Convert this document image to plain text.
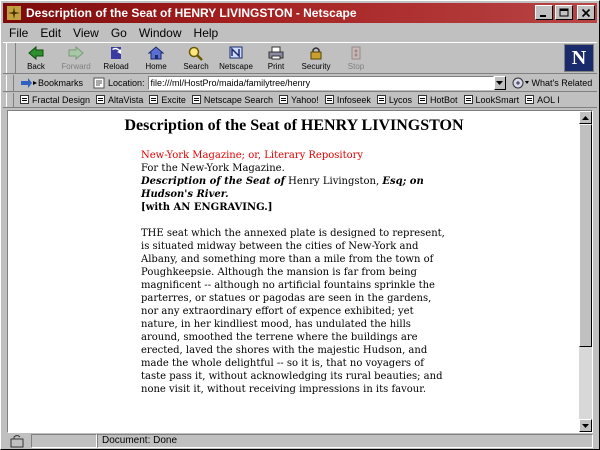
Description of the Seat of HENRY LIVINGSTON - Netscape
File	Edit	View	Go	Window	Help
Back Forward Reload Home Search Netscape Print Security Stop	N
Bookmarks	Location: file:///ml/HostPro/maida/familytree/henry	What's Related
Fractal Design AltaVista Excite Netscape Search Yahoo! Infoseek Lycos HotBot LookSmart AOL I
Description of the Seat of HENRY LIVINGSTON

New-York Magazine; or, Literary Repository

For the New-York Magazine.

Description of the Seat of Henry Livingston, Esq; on Hudson's River.

[with AN ENGRAVING.]

THE seat which the annexed plate is designed to represent, is situated midway between the cities of New-York and Albany, and something more than a mile from the town of Poughkeepsie. Although the mansion is far from being magnificent -- although no artificial fountains sprinkle the parterres, or statues or pagodas are seen in the gardens, nor any extraordinary effort of expence exhibited; yet nature, in her kindliest mood, has undulated the hills around, smoothed the terrene where the buildings are erected, laved the shores with the majestic Hudson, and made the whole delightful -- so it is, that no voyagers of taste pass it, without acknowledging its rural beauties; and none visit it, without receiving impressions in its favour.

Document: Done
